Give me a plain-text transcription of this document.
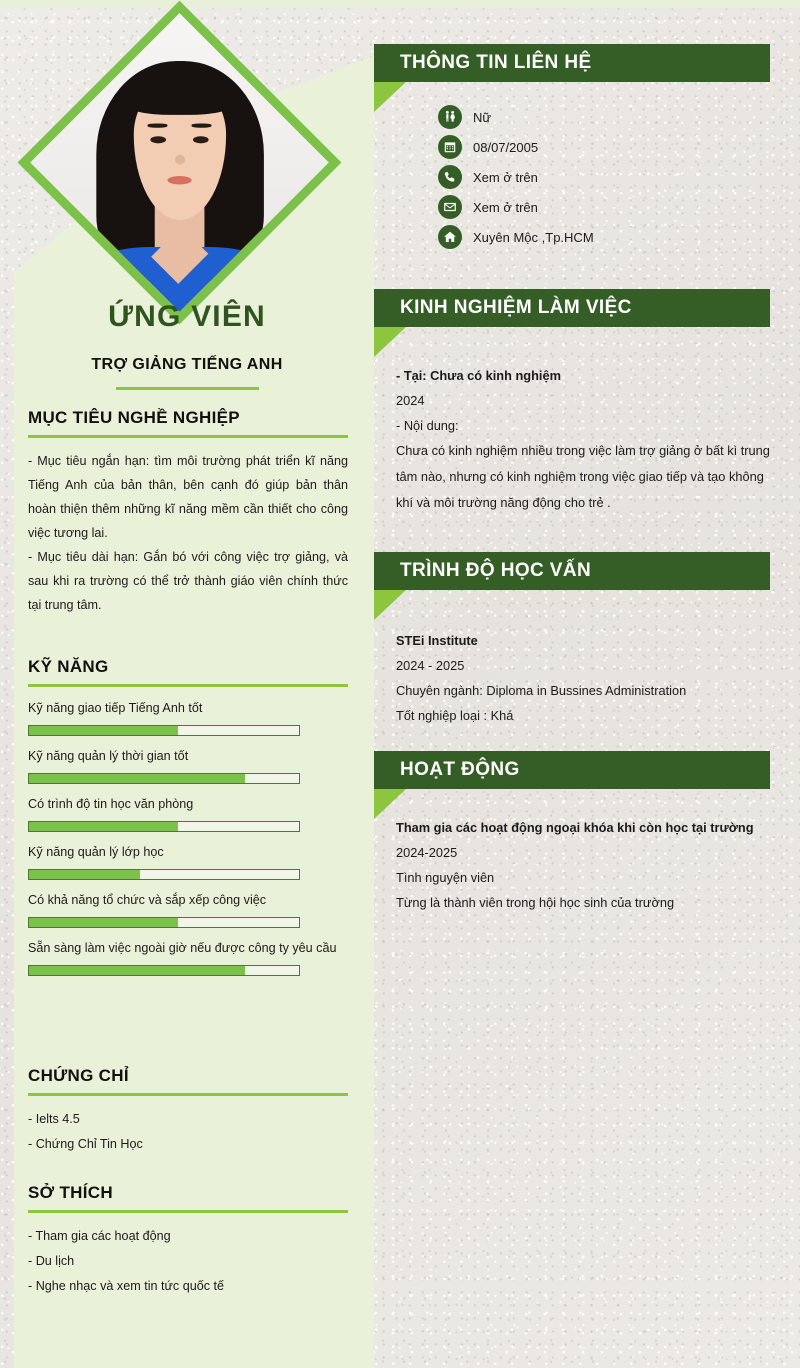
ỨNG VIÊN
TRỢ GIẢNG TIẾNG ANH
MỤC TIÊU NGHỀ NGHIỆP

- Mục tiêu ngắn hạn: tìm môi trường phát triển kĩ năng Tiếng Anh của bản thân, bên cạnh đó giúp bản thân hoàn thiện thêm những kĩ năng mềm cần thiết cho công việc tương lai.

- Mục tiêu dài hạn: Gắn bó với công việc trợ giảng, và sau khi ra trường có thể trở thành giáo viên chính thức tại trung tâm.

KỸ NĂNG
Kỹ năng giao tiếp Tiếng Anh tốt
Kỹ năng quản lý thời gian tốt
Có trình độ tin học văn phòng
Kỹ năng quản lý lớp học
Có khả năng tổ chức và sắp xếp công việc
Sẵn sàng làm việc ngoài giờ nếu được công ty yêu cầu
CHỨNG CHỈ
- Ielts 4.5
- Chứng Chỉ Tin Học
SỞ THÍCH
- Tham gia các hoạt động
- Du lịch
- Nghe nhạc và xem tin tức quốc tế
THÔNG TIN LIÊN HỆ
Nữ
08/07/2005
Xem ở trên
Xem ở trên
Xuyên Mộc ,Tp.HCM
KINH NGHIỆM LÀM VIỆC
- Tại: Chưa có kinh nghiệm
2024
- Nội dung:
Chưa có kinh nghiệm nhiều trong việc làm trợ giảng ở bất kì trung tâm nào, nhưng có kinh nghiệm trong việc giao tiếp và tạo không khí và môi trường năng động cho trẻ .
TRÌNH ĐỘ HỌC VẤN
STEi Institute
2024 - 2025
Chuyên ngành: Diploma in Bussines Administration
Tốt nghiệp loại : Khá
HOẠT ĐỘNG
Tham gia các hoạt động ngoại khóa khi còn học tại trường
2024-2025
Tình nguyện viên
Từng là thành viên trong hội học sinh của trường
